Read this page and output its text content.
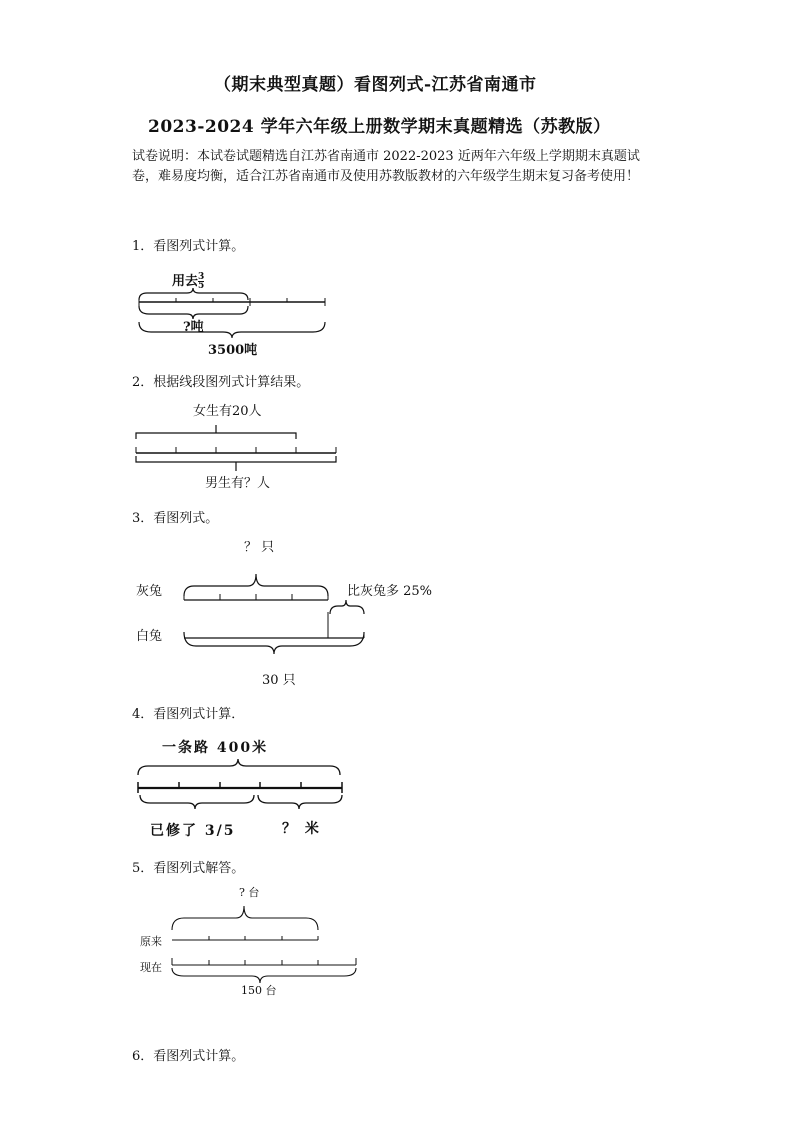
（期末典型真题）看图列式-江苏省南通市
2023-2024 学年六年级上册数学期末真题精选（苏教版）
试卷说明：本试卷试题精选自江苏省南通市 2022-2023 近两年六年级上学期期末真题试
卷，难易度均衡，适合江苏省南通市及使用苏教版教材的六年级学生期末复习备考使用！
1．看图列式计算。
用去 $\frac{3}{5}$
?吨
3500吨
2．根据线段图列式计算结果。
女生有20人
男生有？人
3．看图列式。
？ 只
灰兔	比灰兔多 25%
白兔
30 只
4．看图列式计算．
一条路 400米
已修了 3/5	？ 米
5．看图列式解答。
? 台
原来
现在
150 台
6．看图列式计算。
